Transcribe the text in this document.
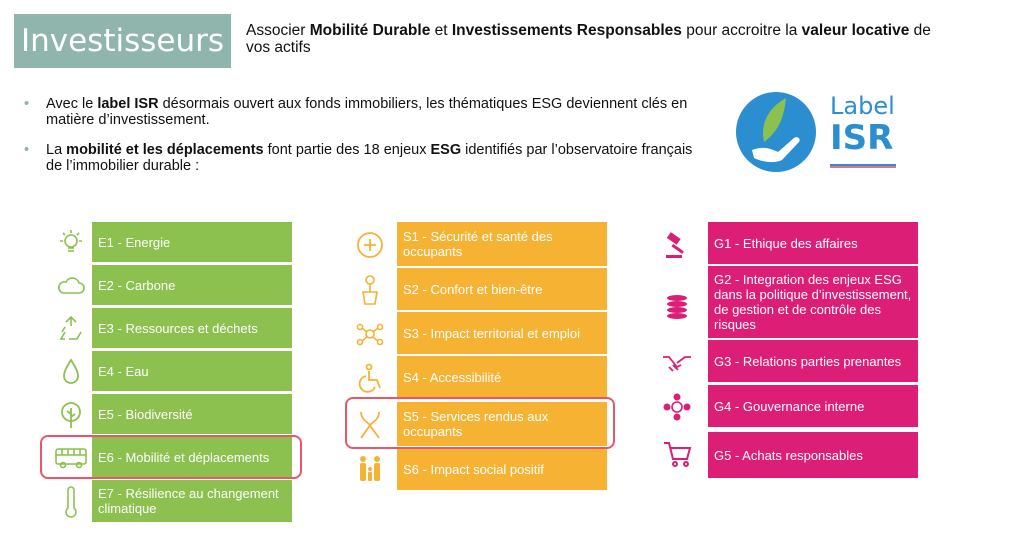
Investisseurs	Associer Mobilité Durable et Investissements Responsables pour accroitre la valeur locative de vos actifs
• Avec le label ISR désormais ouvert aux fonds immobiliers, les thématiques ESG deviennent clés en matière d’investissement.
• La mobilité et les déplacements font partie des 18 enjeux ESG identifiés par l’observatoire français de l’immobilier durable :
Label
ISR
E1 - Energie
E2 - Carbone
E3 - Ressources et déchets
E4 - Eau
E5 - Biodiversité
E6 - Mobilité et déplacements
E7 - Résilience au changement climatique
S1 - Sécurité et santé des occupants
S2 - Confort et bien-être
S3 - Impact territorial et emploi
S4 - Accessibilité
S5 - Services rendus aux occupants
S6 - Impact social positif
G1 - Ethique des affaires
G2 - Integration des enjeux ESG dans la politique d’investissement, de gestion et de contrôle des risques
G3 - Relations parties prenantes
G4 - Gouvernance interne
G5 - Achats responsables
